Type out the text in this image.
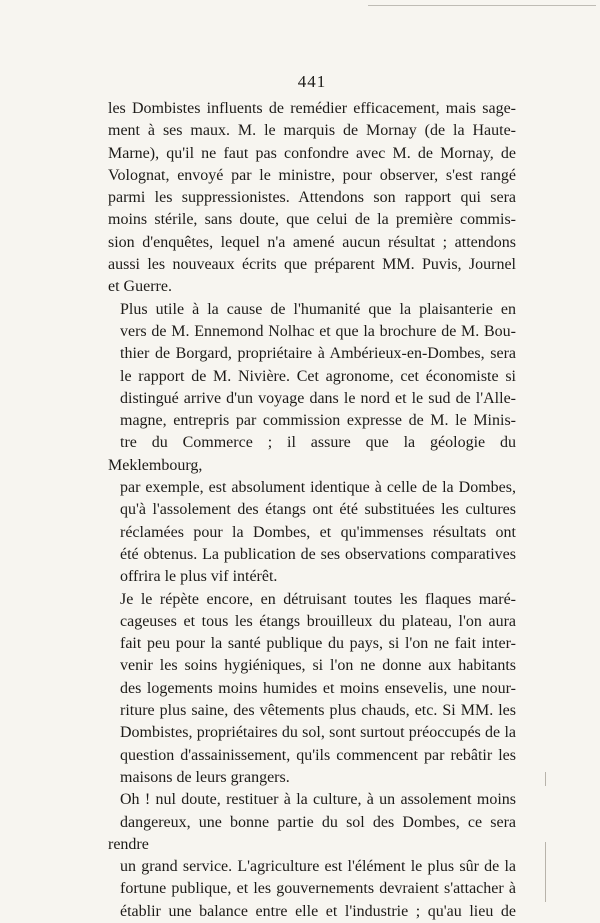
441

les Dombistes influents de remédier efficacement, mais sage-
ment à ses maux. M. le marquis de Mornay (de la Haute-
Marne), qu'il ne faut pas confondre avec M. de Mornay, de
Volognat, envoyé par le ministre, pour observer, s'est rangé
parmi les suppressionistes. Attendons son rapport qui sera
moins stérile, sans doute, que celui de la première commis-
sion d'enquêtes, lequel n'a amené aucun résultat ; attendons
aussi les nouveaux écrits que préparent MM. Puvis, Journel
et Guerre.

Plus utile à la cause de l'humanité que la plaisanterie en
vers de M. Ennemond Nolhac et que la brochure de M. Bou-
thier de Borgard, propriétaire à Ambérieux-en-Dombes, sera
le rapport de M. Nivière. Cet agronome, cet économiste si
distingué arrive d'un voyage dans le nord et le sud de l'Alle-
magne, entrepris par commission expresse de M. le Minis-
tre du Commerce ; il assure que la géologie du Meklembourg,
par exemple, est absolument identique à celle de la Dombes,
qu'à l'assolement des étangs ont été substituées les cultures
réclamées pour la Dombes, et qu'immenses résultats ont
été obtenus. La publication de ses observations comparatives
offrira le plus vif intérêt.

Je le répète encore, en détruisant toutes les flaques maré-
cageuses et tous les étangs brouilleux du plateau, l'on aura
fait peu pour la santé publique du pays, si l'on ne fait inter-
venir les soins hygiéniques, si l'on ne donne aux habitants
des logements moins humides et moins ensevelis, une nour-
riture plus saine, des vêtements plus chauds, etc. Si MM. les
Dombistes, propriétaires du sol, sont surtout préoccupés de la
question d'assainissement, qu'ils commencent par rebâtir les
maisons de leurs grangers.

Oh ! nul doute, restituer à la culture, à un assolement moins
dangereux, une bonne partie du sol des Dombes, ce sera rendre
un grand service. L'agriculture est l'élément le plus sûr de la
fortune publique, et les gouvernements devraient s'attacher à
établir une balance entre elle et l'industrie ; qu'au lieu de
